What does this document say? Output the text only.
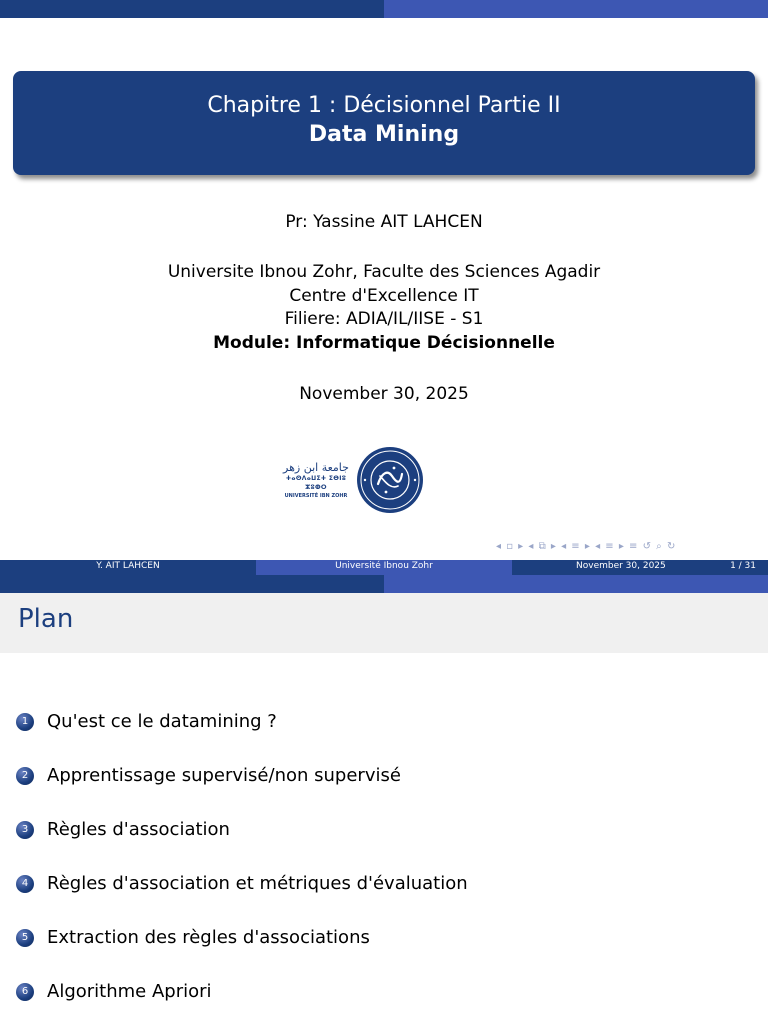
Chapitre 1 : Décisionnel Partie II
Data Mining
Pr: Yassine AIT LAHCEN
Universite Ibnou Zohr, Faculte des Sciences Agadir
Centre d'Excellence IT
Filiere: ADIA/IL/IISE - S1
Module: Informatique Décisionnelle
November 30, 2025
جامعة ابن زهر
ⵜⴰⵙⴷⴰⵡⵉⵜ ⵉⴱⵏⵓ ⵣⵓⵀⵔ
UNIVERSITÉ IBN ZOHR
◂ ▫ ▸ ◂ ⧉ ▸ ◂ ≡ ▸ ◂ ≡ ▸ ≡ ↺ ⌕ ↻
Y. AIT LAHCEN	Université Ibnou Zohr	November 30, 2025	1 / 31
Plan
1	Qu'est ce le datamining ?
2	Apprentissage supervisé/non supervisé
3	Règles d'association
4	Règles d'association et métriques d'évaluation
5	Extraction des règles d'associations
6	Algorithme Apriori
